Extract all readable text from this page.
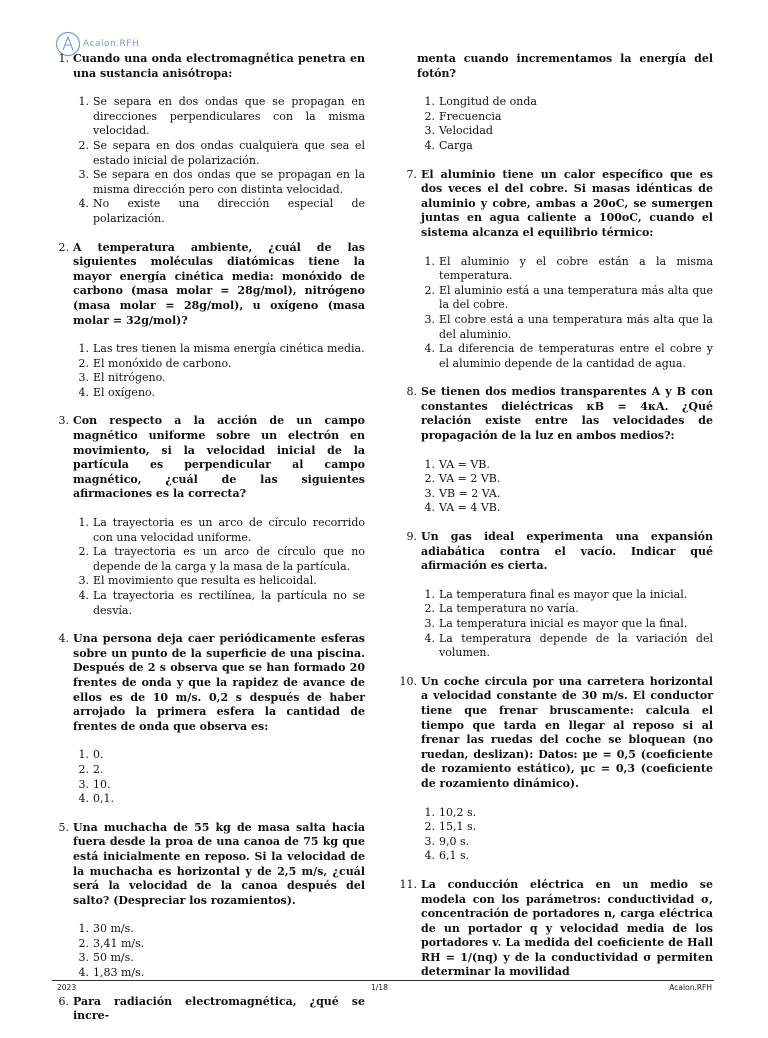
Acalon.RFH
1. Cuando una onda electromagnética penetra en una sustancia anisótropa:
1. Se separa en dos ondas que se propagan en direcciones perpendiculares con la misma velocidad.
2. Se separa en dos ondas cualquiera que sea el estado inicial de polarización.
3. Se separa en dos ondas que se propagan en la misma dirección pero con distinta velocidad.
4. No existe una dirección especial de polarización.
2. A temperatura ambiente, ¿cuál de las siguientes moléculas diatómicas tiene la mayor energía cinética media: monóxido de carbono (masa molar = 28g/mol), nitrógeno (masa molar = 28g/mol), u oxígeno (masa molar = 32g/mol)?
1. Las tres tienen la misma energía cinética media.
2. El monóxido de carbono.
3. El nitrógeno.
4. El oxígeno.
3. Con respecto a la acción de un campo magnético uniforme sobre un electrón en movimiento, si la velocidad inicial de la partícula es perpendicular al campo magnético, ¿cuál de las siguientes afirmaciones es la correcta?
1. La trayectoria es un arco de círculo recorrido con una velocidad uniforme.
2. La trayectoria es un arco de círculo que no depende de la carga y la masa de la partícula.
3. El movimiento que resulta es helicoidal.
4. La trayectoria es rectilínea, la partícula no se desvía.
4. Una persona deja caer periódicamente esferas sobre un punto de la superficie de una piscina. Después de 2 s observa que se han formado 20 frentes de onda y que la rapidez de avance de ellos es de 10 m/s. 0,2 s después de haber arrojado la primera esfera la cantidad de frentes de onda que observa es:
1. 0.
2. 2.
3. 10.
4. 0,1.
5. Una muchacha de 55 kg de masa salta hacia fuera desde la proa de una canoa de 75 kg que está inicialmente en reposo. Si la velocidad de la muchacha es horizontal y de 2,5 m/s, ¿cuál será la velocidad de la canoa después del salto? (Despreciar los rozamientos).
1. 30 m/s.
2. 3,41 m/s.
3. 50 m/s.
4. 1,83 m/s.
6. Para radiación electromagnética, ¿qué se incre-
menta cuando incrementamos la energía del fotón?
1. Longitud de onda
2. Frecuencia
3. Velocidad
4. Carga
7. El aluminio tiene un calor específico que es dos veces el del cobre. Si masas idénticas de aluminio y cobre, ambas a 20oC, se sumergen juntas en agua caliente a 100oC, cuando el sistema alcanza el equilibrio térmico:
1. El aluminio y el cobre están a la misma temperatura.
2. El aluminio está a una temperatura más alta que la del cobre.
3. El cobre está a una temperatura más alta que la del aluminio.
4. La diferencia de temperaturas entre el cobre y el aluminio depende de la cantidad de agua.
8. Se tienen dos medios transparentes A y B con constantes dieléctricas κB = 4κA. ¿Qué relación existe entre las velocidades de propagación de la luz en ambos medios?:
1. VA = VB.
2. VA = 2 VB.
3. VB = 2 VA.
4. VA = 4 VB.
9. Un gas ideal experimenta una expansión adiabática contra el vacío. Indicar qué afirmación es cierta.
1. La temperatura final es mayor que la inicial.
2. La temperatura no varía.
3. La temperatura inicial es mayor que la final.
4. La temperatura depende de la variación del volumen.
10. Un coche circula por una carretera horizontal a velocidad constante de 30 m/s. El conductor tiene que frenar bruscamente: calcula el tiempo que tarda en llegar al reposo si al frenar las ruedas del coche se bloquean (no ruedan, deslizan): Datos: μe = 0,5 (coeficiente de rozamiento estático), μc = 0,3 (coeficiente de rozamiento dinámico).
1. 10,2 s.
2. 15,1 s.
3. 9,0 s.
4. 6,1 s.
11. La conducción eléctrica en un medio se modela con los parámetros: conductividad σ, concentración de portadores n, carga eléctrica de un portador q y velocidad media de los portadores v. La medida del coeficiente de Hall RH = 1/(nq) y de la conductividad σ permiten determinar la movilidad
2023	1/18	Acalon.RFH
